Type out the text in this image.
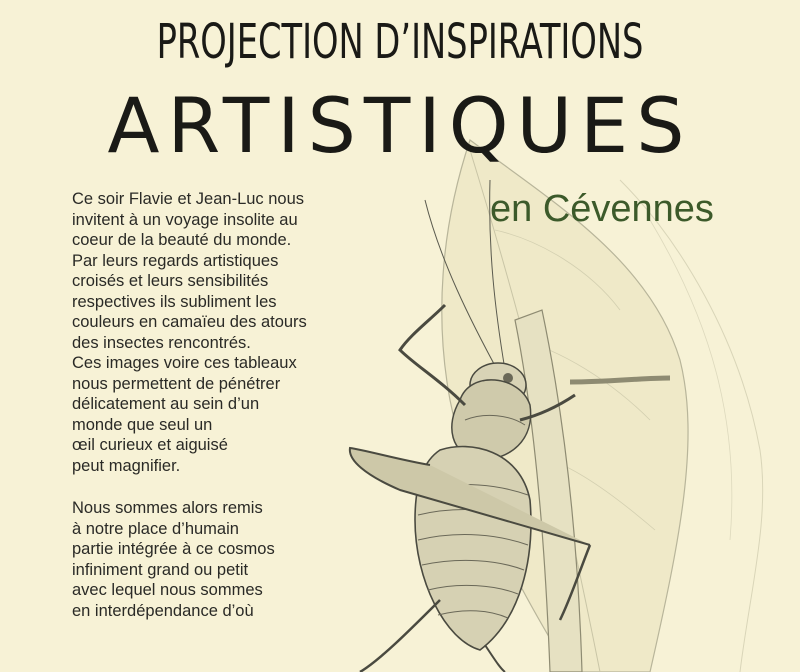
PROJECTION D’INSPIRATIONS
ARTISTIQUES
en Cévennes
Ce soir Flavie et Jean-Luc nous
invitent à un voyage insolite au
coeur de la beauté du monde.
Par leurs regards artistiques
croisés et leurs sensibilités
respectives ils subliment les
couleurs en camaïeu des atours
des insectes rencontrés.
Ces images voire ces tableaux
nous permettent de pénétrer
délicatement au sein d’un
monde que seul un
œil curieux et aiguisé
peut magnifier.
Nous sommes alors remis
à notre place d’humain
partie intégrée à ce cosmos
infiniment grand ou petit
avec lequel nous sommes
en interdépendance d’où
